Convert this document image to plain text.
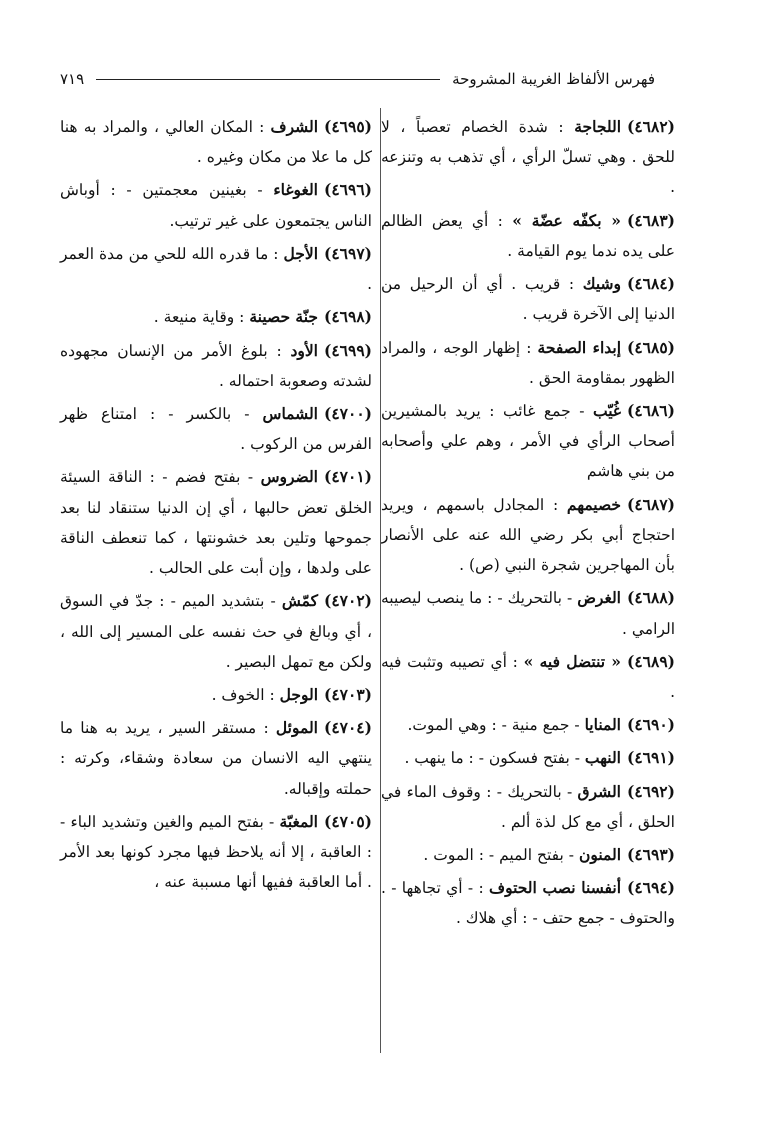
فهرس الألفاظ الغريبة المشروحة
٧١٩

(٤٦٨٢)اللجاجة : شدة الخصام تعصباً ، لا للحق . وهي تسلّ الرأي ، أي تذهب به وتنزعه .

(٤٦٨٣)« بكفّه عضّة » : أي يعض الظالم على يده ندما يوم القيامة .

(٤٦٨٤)وشيك : قريب . أي أن الرحيل من الدنيا إلى الآخرة قريب .

(٤٦٨٥)إبداء الصفحة : إظهار الوجه ، والمراد الظهور بمقاومة الحق .

(٤٦٨٦)غُيّب - جمع غائب : يريد بالمشيرين أصحاب الرأي في الأمر ، وهم علي وأصحابه من بني هاشم

(٤٦٨٧)خصيمهم : المجادل باسمهم ، ويريد احتجاج أبي بكر رضي الله عنه على الأنصار بأن المهاجرين شجرة النبي (ص) .

(٤٦٨٨)الغرض - بالتحريك - : ما ينصب ليصيبه الرامي .

(٤٦٨٩)« تنتضل فيه » : أي تصيبه وتثبت فيه .

(٤٦٩٠)المنايا - جمع منية - : وهي الموت.

(٤٦٩١)النهب - بفتح فسكون - : ما ينهب .

(٤٦٩٢)الشرق - بالتحريك - : وقوف الماء في الحلق ، أي مع كل لذة ألم .

(٤٦٩٣)المنون - بفتح الميم - : الموت .

(٤٦٩٤)أنفسنا نصب الحتوف : - أي تجاهها - . والحتوف - جمع حتف - : أي هلاك .

(٤٦٩٥)الشرف : المكان العالي ، والمراد به هنا كل ما علا من مكان وغيره .

(٤٦٩٦)الغوغاء - بغينين معجمتين - : أوباش الناس يجتمعون على غير ترتيب.

(٤٦٩٧)الأجل : ما قدره الله للحي من مدة العمر .

(٤٦٩٨)جنّة حصينة : وقاية منيعة .

(٤٦٩٩)الأود : بلوغ الأمر من الإنسان مجهوده لشدته وصعوبة احتماله .

(٤٧٠٠)الشماس - بالكسر - : امتناع ظهر الفرس من الركوب .

(٤٧٠١)الضروس - بفتح فضم - : الناقة السيئة الخلق تعض حالبها ، أي إن الدنيا ستنقاد لنا بعد جموحها وتلين بعد خشونتها ، كما تنعطف الناقة على ولدها ، وإن أبت على الحالب .

(٤٧٠٢)كمّش - بتشديد الميم - : جدّ في السوق ، أي وبالغ في حث نفسه على المسير إلى الله ، ولكن مع تمهل البصير .

(٤٧٠٣)الوجل : الخوف .

(٤٧٠٤)الموئل : مستقر السير ، يريد به هنا ما ينتهي اليه الانسان من سعادة وشقاء، وكرته : حملته وإقباله.

(٤٧٠٥)المغبّة - بفتح الميم والغين وتشديد الباء - : العاقبة ، إلا أنه يلاحظ فيها مجرد كونها بعد الأمر . أما العاقبة ففيها أنها مسببة عنه ،
